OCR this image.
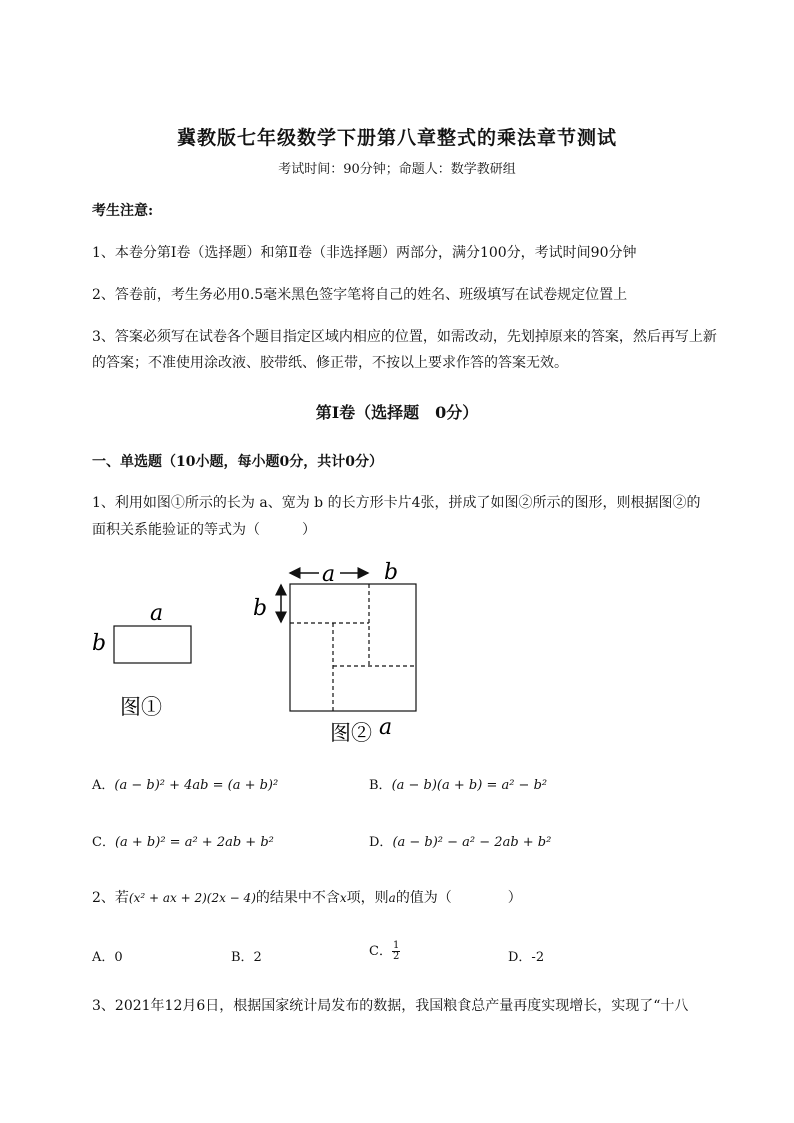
冀教版七年级数学下册第八章整式的乘法章节测试
考试时间：90分钟；命题人：数学教研组
考生注意:
1、本卷分第I卷（选择题）和第Ⅱ卷（非选择题）两部分，满分100分，考试时间90分钟
2、答卷前，考生务必用0.5毫米黑色签字笔将自己的姓名、班级填写在试卷规定位置上
3、答案必须写在试卷各个题目指定区域内相应的位置，如需改动，先划掉原来的答案，然后再写上新
的答案；不准使用涂改液、胶带纸、修正带，不按以上要求作答的答案无效。
第I卷（选择题　0分）
一、单选题（10小题，每小题0分，共计0分）
1、利用如图①所示的长为 a、宽为 b 的长方形卡片4张，拼成了如图②所示的图形，则根据图②的
面积关系能验证的等式为（　　　）
a
b
图①
a b
b
图② a
A．(a − b)² + 4ab = (a + b)²	B．(a − b)(a + b) = a² − b²
C．(a + b)² = a² + 2ab + b²	D．(a − b)² − a² − 2ab + b²
2、若(x² + ax + 2)(2x − 4)的结果中不含x项，则a的值为（　　　　）
A．0	B．2	C． $\frac{1}{2}$	D．-2
3、2021年12月6日，根据国家统计局发布的数据，我国粮食总产量再度实现增长，实现了“十八
